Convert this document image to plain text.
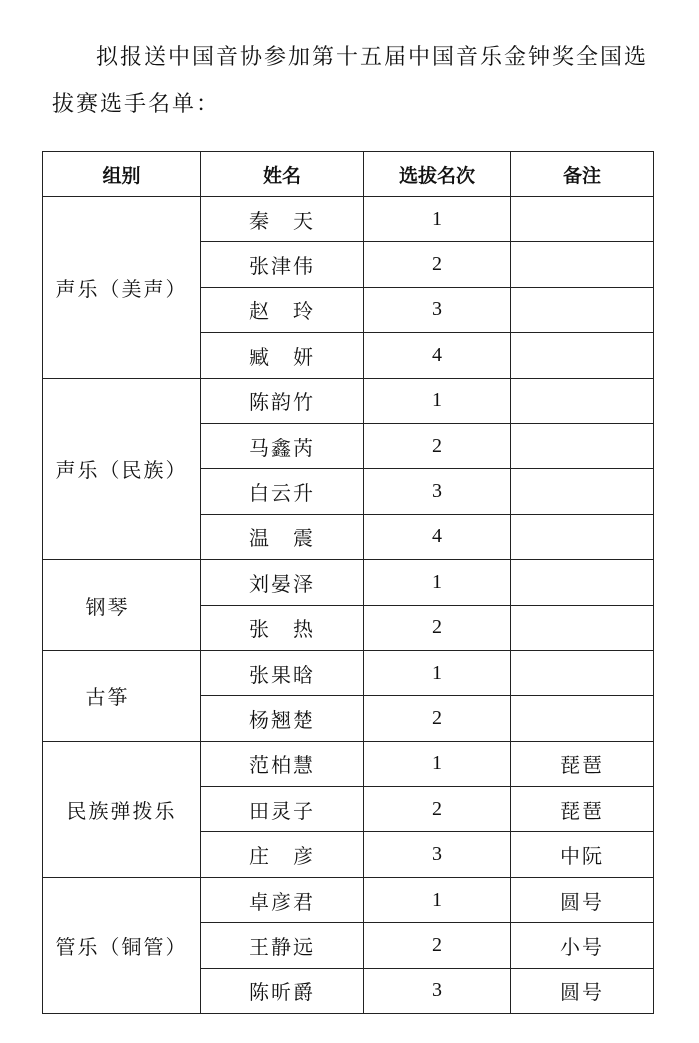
拟报送中国音协参加第十五届中国音乐金钟奖全国选拔赛选手名单：

组别	姓名	选拔名次	备注
声乐（美声）	秦　天	1	
	张津伟	2	
	赵　玲	3	
	臧　妍	4	
声乐（民族）	陈韵竹	1	
	马鑫芮	2	
	白云升	3	
	温　震	4	
钢琴	刘晏泽	1	
	张　热	2	
古筝	张果晗	1	
	杨翘楚	2	
民族弹拨乐	范柏慧	1	琵琶
	田灵子	2	琵琶
	庄　彦	3	中阮
管乐（铜管）	卓彦君	1	圆号
	王静远	2	小号
	陈昕爵	3	圆号
